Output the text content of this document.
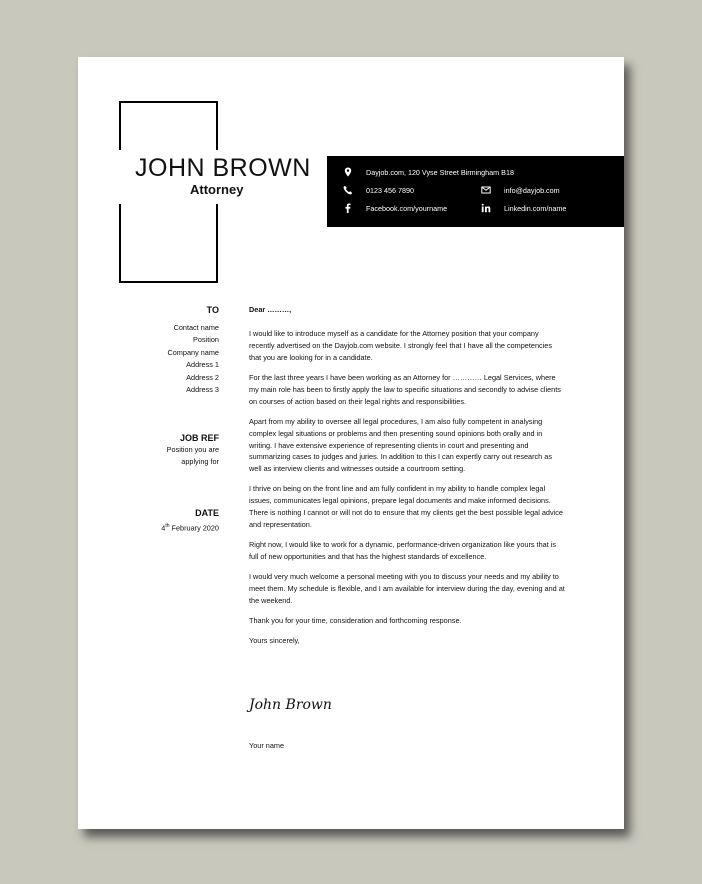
JOHN BROWN
Attorney
Dayjob.com, 120 Vyse Street Birmingham B18
0123 456 7890	info@dayjob.com
Facebook.com/yourname	Linkedin.com/name
TO
Contact name
Position
Company name
Address 1
Address 2
Address 3
JOB REF
Position you are
applying for
DATE
4th February 2020

Dear ………,

I would like to introduce myself as a candidate for the Attorney position that your company recently advertised on the Dayjob.com website. I strongly feel that I have all the competencies that you are looking for in a candidate.

For the last three years I have been working as an Attorney for ………… Legal Services, where my main role has been to firstly apply the law to specific situations and secondly to advise clients on courses of action based on their legal rights and responsibilities.

Apart from my ability to oversee all legal procedures, I am also fully competent in analysing complex legal situations or problems and then presenting sound opinions both orally and in writing. I have extensive experience of representing clients in court and presenting and summarizing cases to judges and juries. In addition to this I can expertly carry out research as well as interview clients and witnesses outside a courtroom setting.

I thrive on being on the front line and am fully confident in my ability to handle complex legal issues, communicates legal opinions, prepare legal documents and make informed decisions. There is nothing I cannot or will not do to ensure that my clients get the best possible legal advice and representation.

Right now, I would like to work for a dynamic, performance-driven organization like yours that is full of new opportunities and that has the highest standards of excellence.

I would very much welcome a personal meeting with you to discuss your needs and my ability to meet them. My schedule is flexible, and I am available for interview during the day, evening and at the weekend.

Thank you for your time, consideration and forthcoming response.

Yours sincerely,

John Brown
Your name
